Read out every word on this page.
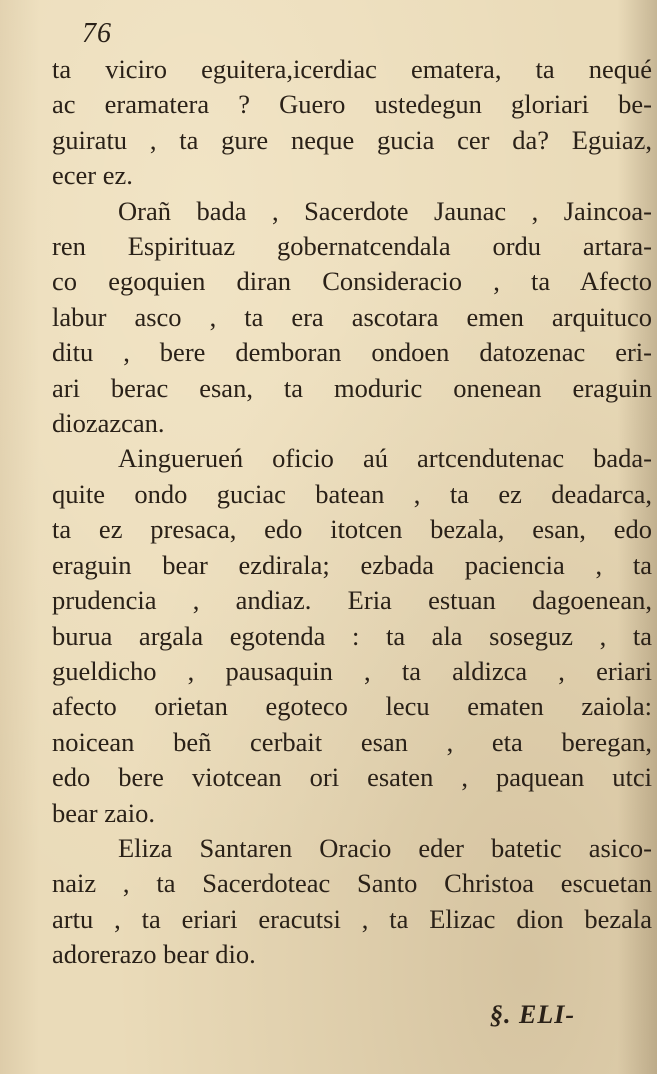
76
ta viciro eguitera,icerdiac ematera, ta nequé
ac eramatera ? Guero ustedegun gloriari be-
guiratu , ta gure neque gucia cer da? Eguiaz,
ecer ez.
Orañ bada , Sacerdote Jaunac , Jaincoa-
ren Espirituaz gobernatcendala ordu artara-
co egoquien diran Consideracio , ta Afecto
labur asco , ta era ascotara emen arquituco
ditu , bere demboran ondoen datozenac eri-
ari berac esan, ta moduric onenean eraguin
diozazcan.
Ainguerueń oficio aú artcendutenac bada-
quite ondo guciac batean , ta ez deadarca,
ta ez presaca, edo itotcen bezala, esan, edo
eraguin bear ezdirala; ezbada paciencia , ta
prudencia , andiaz. Eria estuan dagoenean,
burua argala egotenda : ta ala soseguz , ta
gueldicho , pausaquin , ta aldizca , eriari
afecto orietan egoteco lecu ematen zaiola:
noicean beñ cerbait esan , eta beregan,
edo bere viotcean ori esaten , paquean utci
bear zaio.
Eliza Santaren Oracio eder batetic asico-
naiz , ta Sacerdoteac Santo Christoa escuetan
artu , ta eriari eracutsi , ta Elizac dion bezala
adorerazo bear dio.
§. ELI-
